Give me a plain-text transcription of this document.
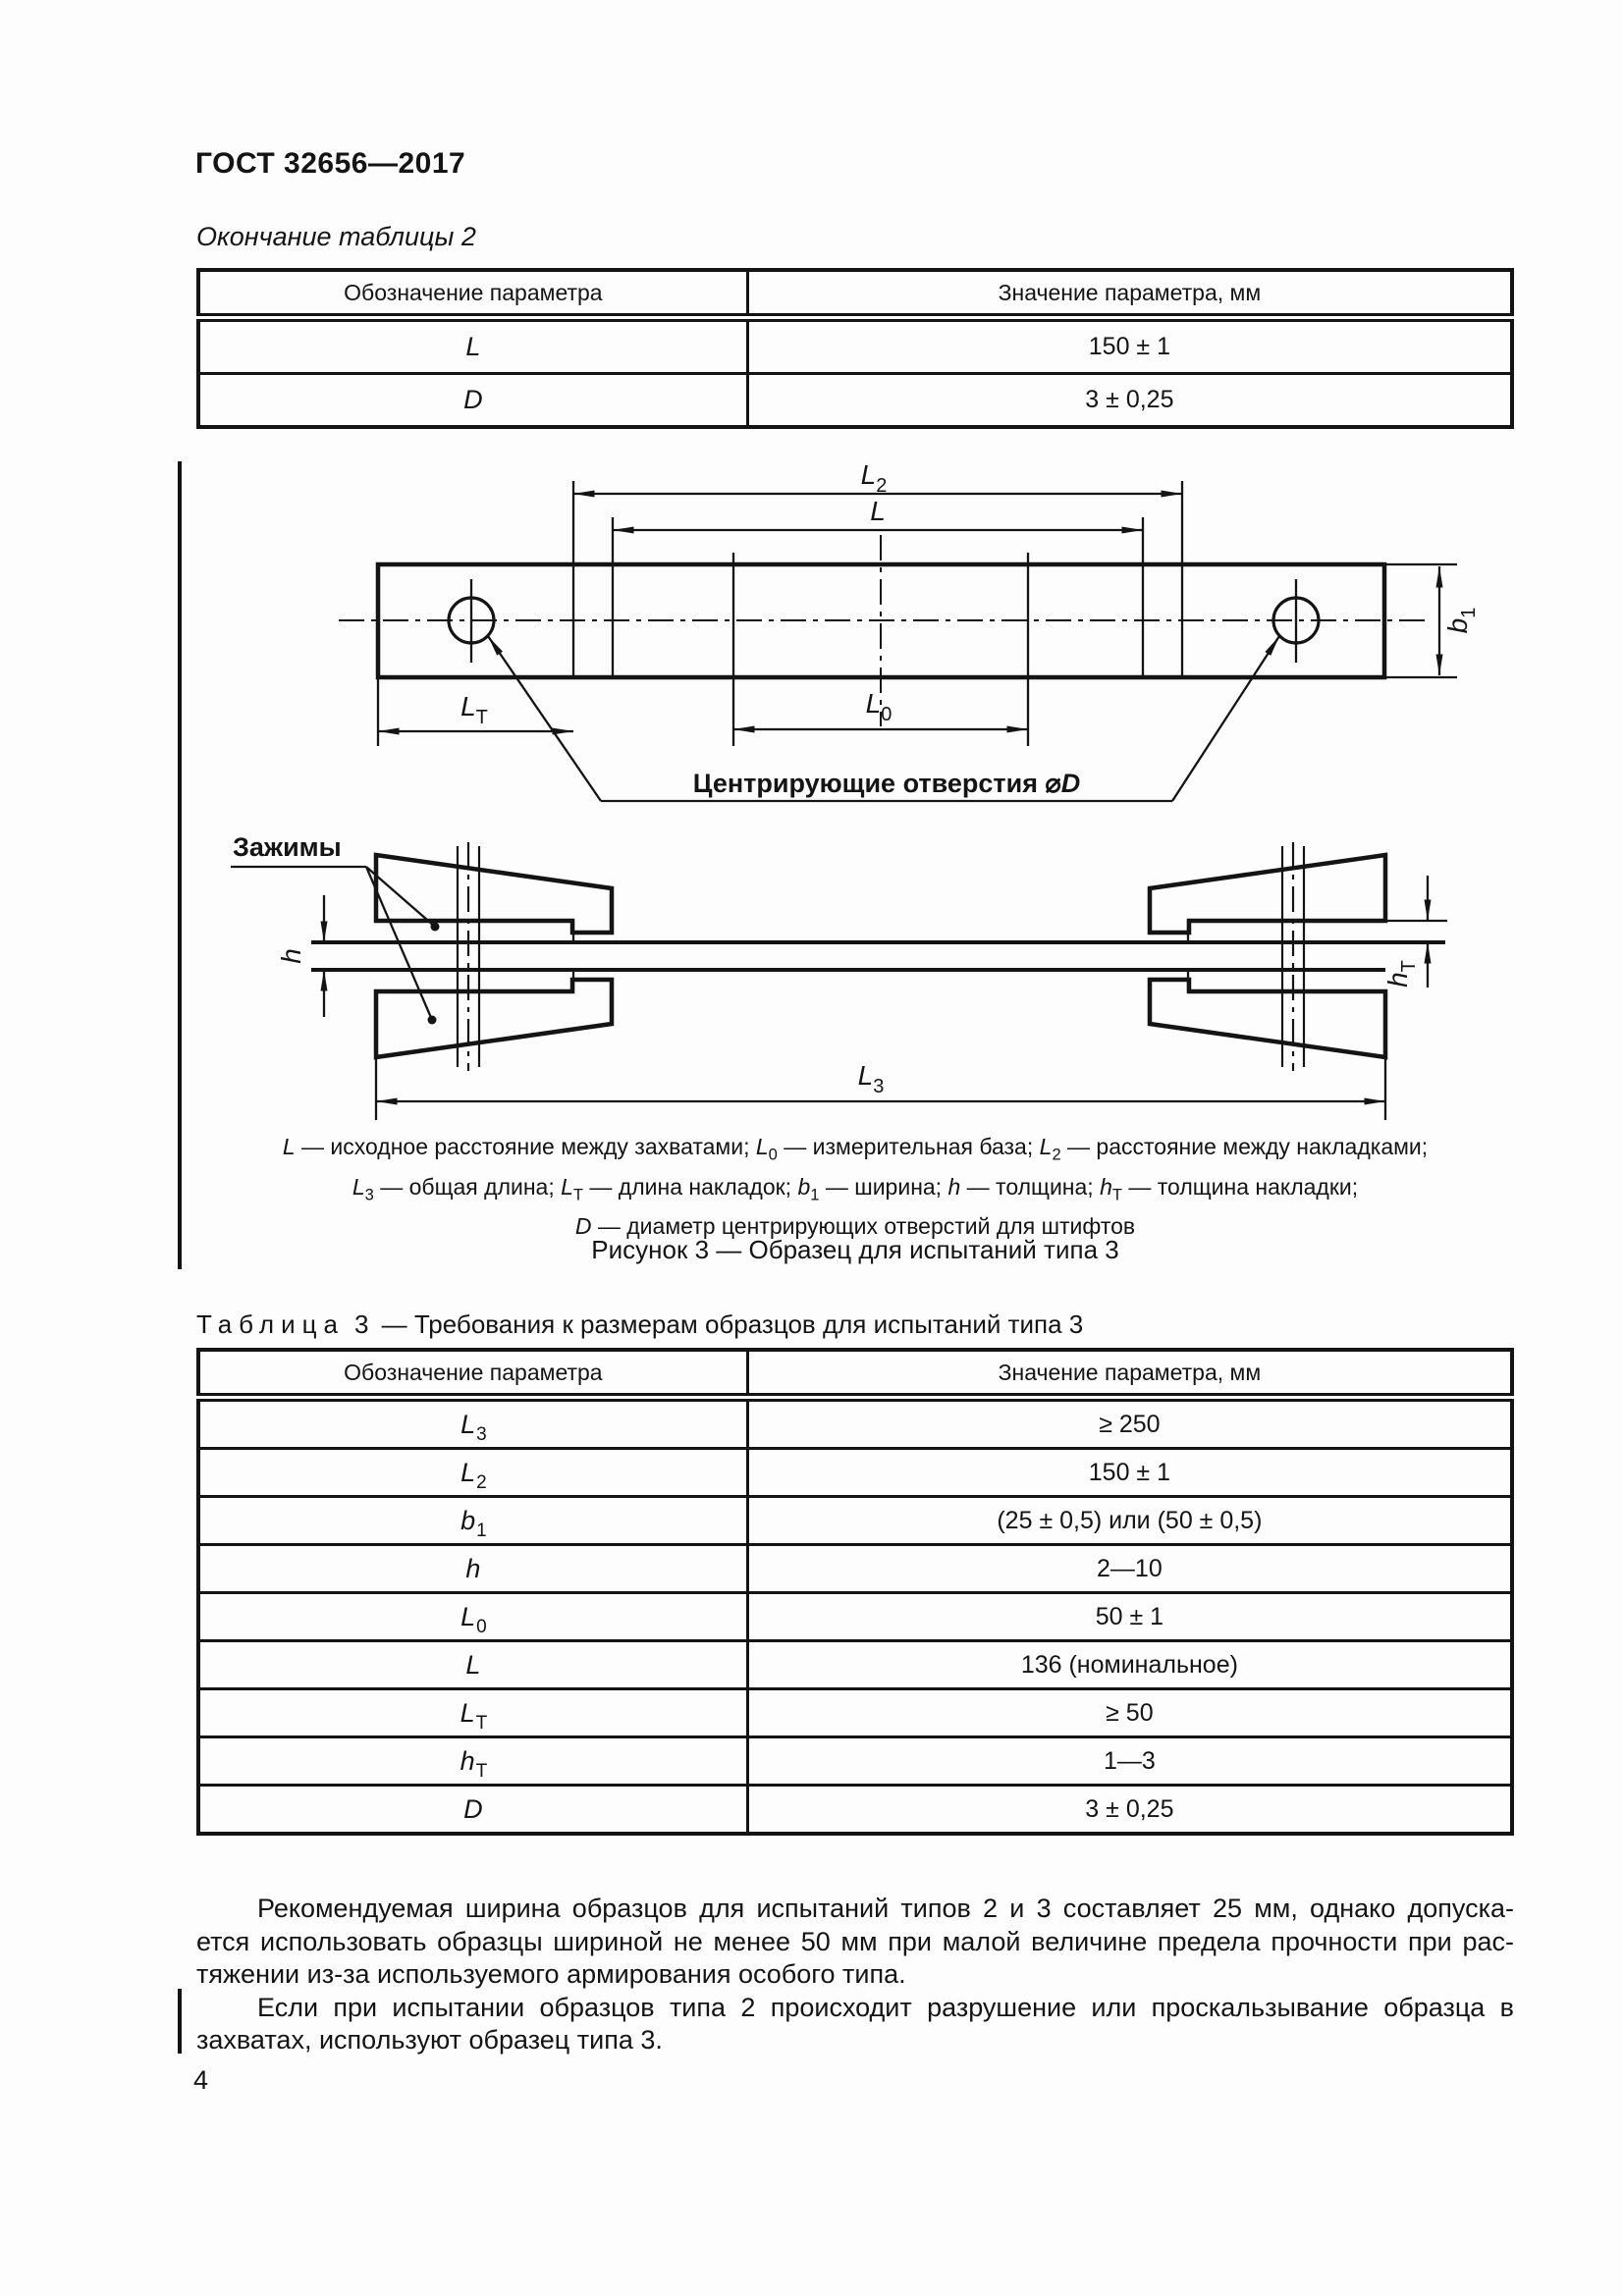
ГОСТ 32656—2017
Окончание таблицы 2
Обозначение параметра	Значение параметра, мм
L	150 ± 1
D	3 ± 0,25
$L_2$
L
$b_1$
$L_Т$	$L_0$
Центрирующие отверстия ⌀D
Зажимы
h
$h_Т$
$L_3$
L — исходное расстояние между захватами; $L_0$ — измерительная база; $L_2$ — расстояние между накладками;
$L_3$ — общая длина; $L_Т$ — длина накладок; $b_1$ — ширина; h — толщина; $h_Т$ — толщина накладки;
D — диаметр центрирующих отверстий для штифтов
Рисунок 3 — Образец для испытаний типа 3
Таблица 3 — Требования к размерам образцов для испытаний типа 3
Обозначение параметра	Значение параметра, мм
L3	≥ 250
L2	150 ± 1
b1	(25 ± 0,5) или (50 ± 0,5)
h	2—10
L0	50 ± 1
L	136 (номинальное)
LТ	≥ 50
hТ	1—3
D	3 ± 0,25
Рекомендуемая ширина образцов для испытаний типов 2 и 3 составляет 25 мм, однако допуска-
ется использовать образцы шириной не менее 50 мм при малой величине предела прочности при рас-
тяжении из-за используемого армирования особого типа.
Если при испытании образцов типа 2 происходит разрушение или проскальзывание образца в
захватах, используют образец типа 3.
4
